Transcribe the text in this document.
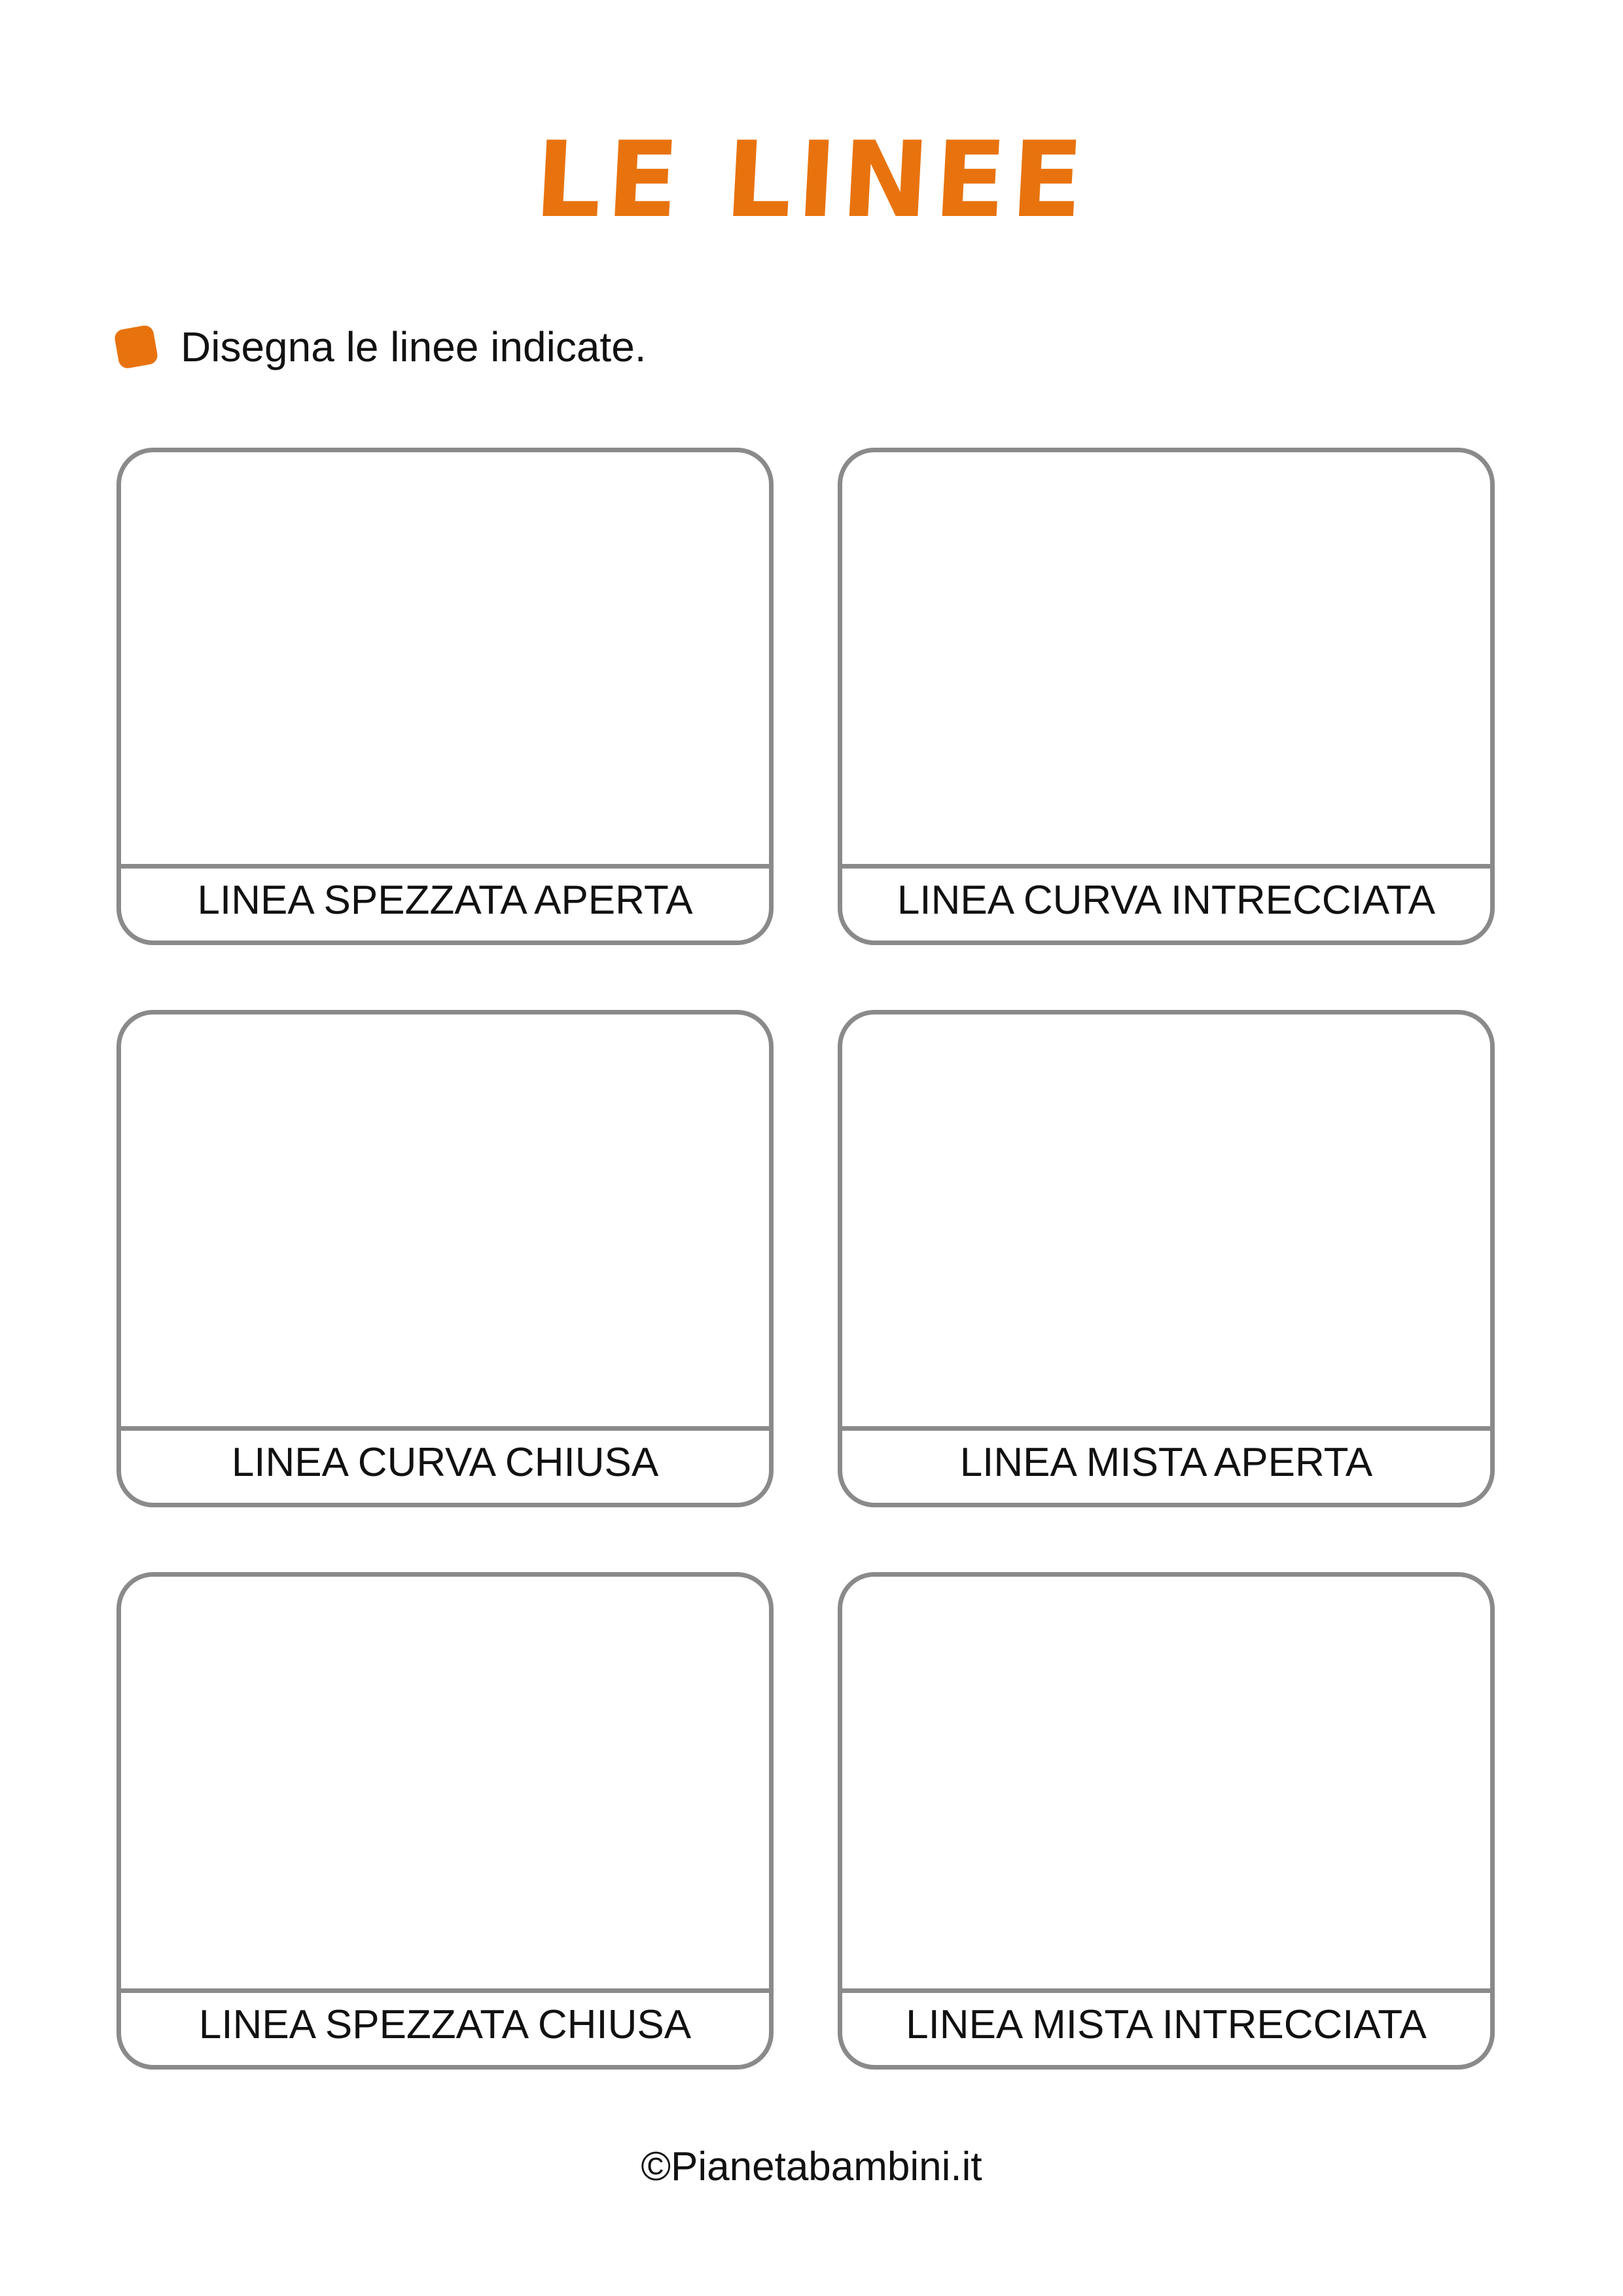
LE LINEE
Disegna le linee indicate.
LINEA SPEZZATA APERTA	LINEA CURVA INTRECCIATA
LINEA CURVA CHIUSA	LINEA MISTA APERTA
LINEA SPEZZATA CHIUSA	LINEA MISTA INTRECCIATA
©Pianetabambini.it
